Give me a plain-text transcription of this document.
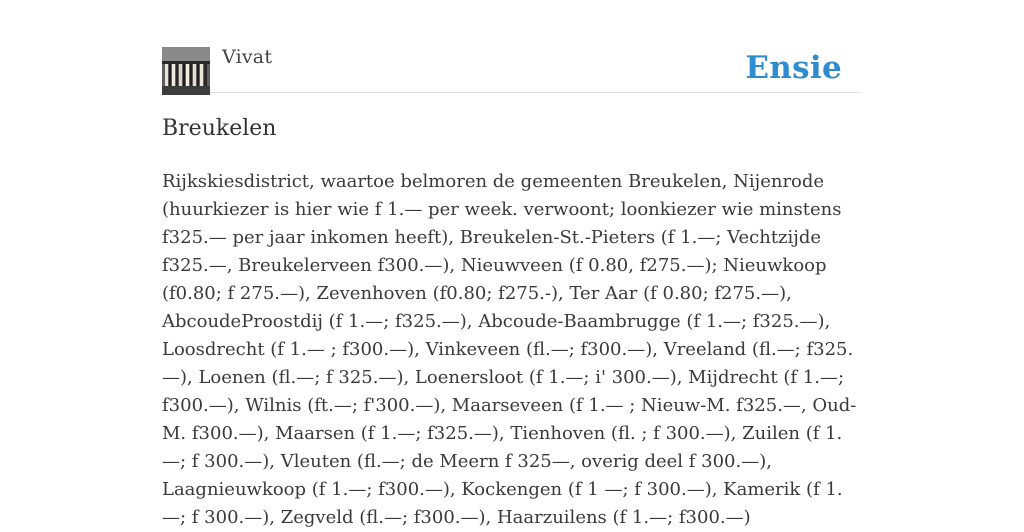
Vivat	Ensie
Breukelen

Rijkskiesdistrict, waartoe belmoren de gemeenten Breukelen, Nijenrode (huurkiezer is hier wie f 1.— per week. verwoont; loonkiezer wie minstens f325.— per jaar inkomen heeft), Breukelen-St.-Pieters (f 1.—; Vechtzijde f325.—, Breukelerveen f300.—), Nieuwveen (f 0.80, f275.—); Nieuwkoop (f0.80; f 275.—), Zevenhoven (f0.80; f275.-), Ter Aar (f 0.80; f275.—), AbcoudeProostdij (f 1.—; f325.—), Abcoude-Baambrugge (f 1.—; f325.—), Loosdrecht (f 1.— ; f300.—), Vinkeveen (fl.—; f300.—), Vreeland (fl.—; f325.—), Loenen (fl.—; f 325.—), Loenersloot (f 1.—; i' 300.—), Mijdrecht (f 1.—; f300.—), Wilnis (ft.—; f'300.—), Maarseveen (f 1.— ; Nieuw-M. f325.—, Oud-M. f300.—), Maarsen (f 1.—; f325.—), Tienhoven (fl. ; f 300.—), Zuilen (f 1.—; f 300.—), Vleuten (fl.—; de Meern f 325—, overig deel f 300.—), Laagnieuwkoop (f 1.—; f300.—), Kockengen (f 1 —; f 300.—), Kamerik (f 1.—; f 300.—), Zegveld (fl.—; f300.—), Haarzuilens (f 1.—; f300.—)
